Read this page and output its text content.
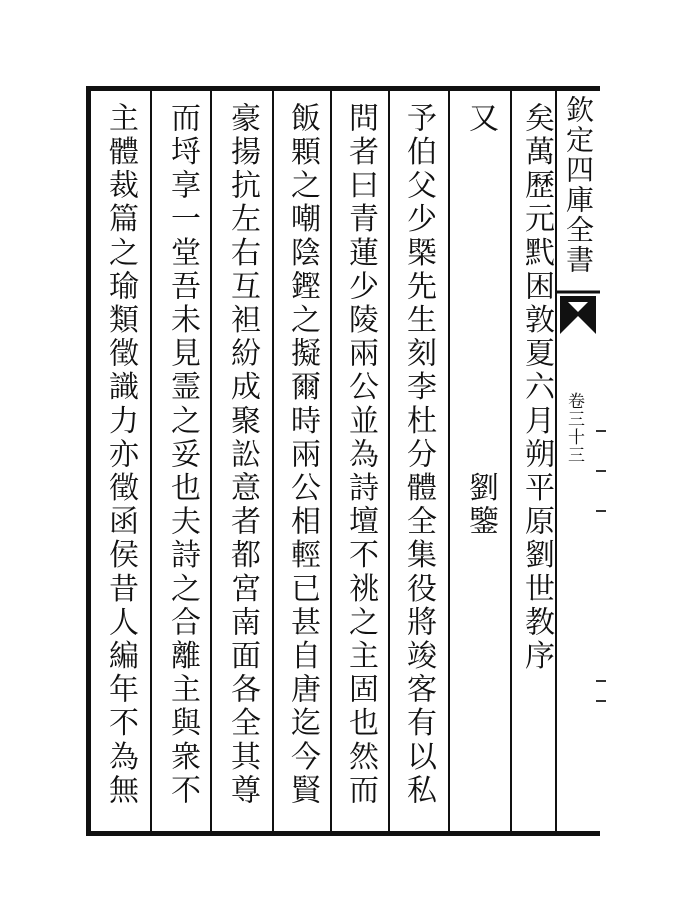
欽定四庫全書
卷三十三
矣萬歷元黓困敦夏六月朔平原劉世教序
又　　　　　　　　　　劉鑒
予伯父少槩先生刻李杜分體全集役將竣客有以私
問者曰青蓮少陵兩公並為詩壇不祧之主固也然而
飯顆之嘲陰鏗之擬爾時兩公相輕已甚自唐迄今賢
豪揚抗左右互袒紛成聚訟意者都宮南面各全其尊
而埒享一堂吾未見霊之妥也夫詩之合離主與衆不
主體裁篇之瑜類徵識力亦徵函侯昔人編年不為無
